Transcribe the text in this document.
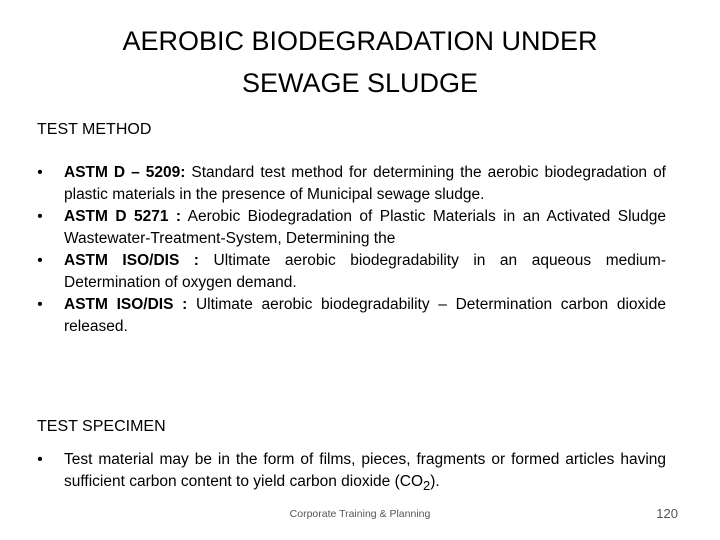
AEROBIC BIODEGRADATION UNDER
SEWAGE SLUDGE
TEST METHOD
• ASTM D – 5209: Standard test method for determining the aerobic biodegradation of plastic materials in the presence of Municipal sewage sludge.
• ASTM D 5271 : Aerobic Biodegradation of Plastic Materials in an Activated Sludge Wastewater-Treatment-System, Determining the
• ASTM ISO/DIS : Ultimate aerobic biodegradability in an aqueous medium-Determination of oxygen demand.
• ASTM ISO/DIS : Ultimate aerobic biodegradability – Determination carbon dioxide released.
TEST SPECIMEN
• Test material may be in the form of films, pieces, fragments or formed articles having sufficient carbon content to yield carbon dioxide $(CO_2)$.
Corporate Training & Planning	120
